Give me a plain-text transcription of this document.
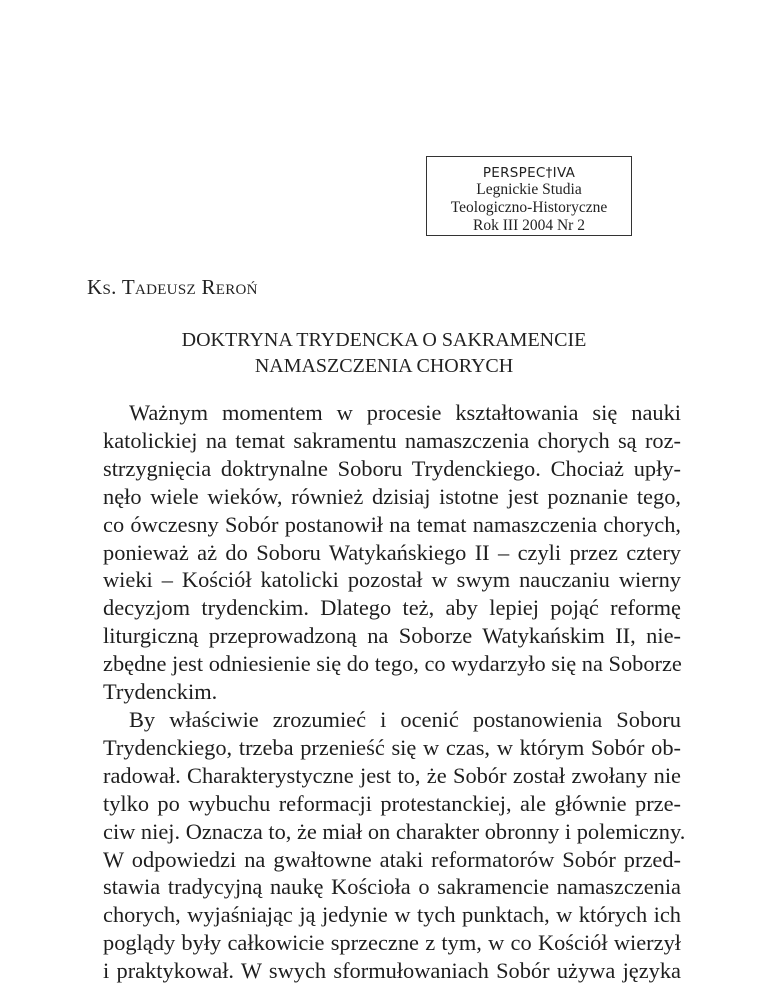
PERSPEC†IVA
Legnickie Studia
Teologiczno-Historyczne
Rok III 2004 Nr 2
Ks. Tadeusz Reroń
DOKTRYNA TRYDENCKA O SAKRAMENCIE
NAMASZCZENIA CHORYCH
Ważnym momentem w procesie kształtowania się nauki
katolickiej na temat sakramentu namaszczenia chorych są roz-
strzygnięcia doktrynalne Soboru Trydenckiego. Chociaż upły-
nęło wiele wieków, również dzisiaj istotne jest poznanie tego,
co ówczesny Sobór postanowił na temat namaszczenia chorych,
ponieważ aż do Soboru Watykańskiego II – czyli przez cztery
wieki – Kościół katolicki pozostał w swym nauczaniu wierny
decyzjom trydenckim. Dlatego też, aby lepiej pojąć reformę
liturgiczną przeprowadzoną na Soborze Watykańskim II, nie-
zbędne jest odniesienie się do tego, co wydarzyło się na Soborze
Trydenckim.
By właściwie zrozumieć i ocenić postanowienia Soboru
Trydenckiego, trzeba przenieść się w czas, w którym Sobór ob-
radował. Charakterystyczne jest to, że Sobór został zwołany nie
tylko po wybuchu reformacji protestanckiej, ale głównie prze-
ciw niej. Oznacza to, że miał on charakter obronny i polemiczny.
W odpowiedzi na gwałtowne ataki reformatorów Sobór przed-
stawia tradycyjną naukę Kościoła o sakramencie namaszczenia
chorych, wyjaśniając ją jedynie w tych punktach, w których ich
poglądy były całkowicie sprzeczne z tym, w co Kościół wierzył
i praktykował. W swych sformułowaniach Sobór używa języka
